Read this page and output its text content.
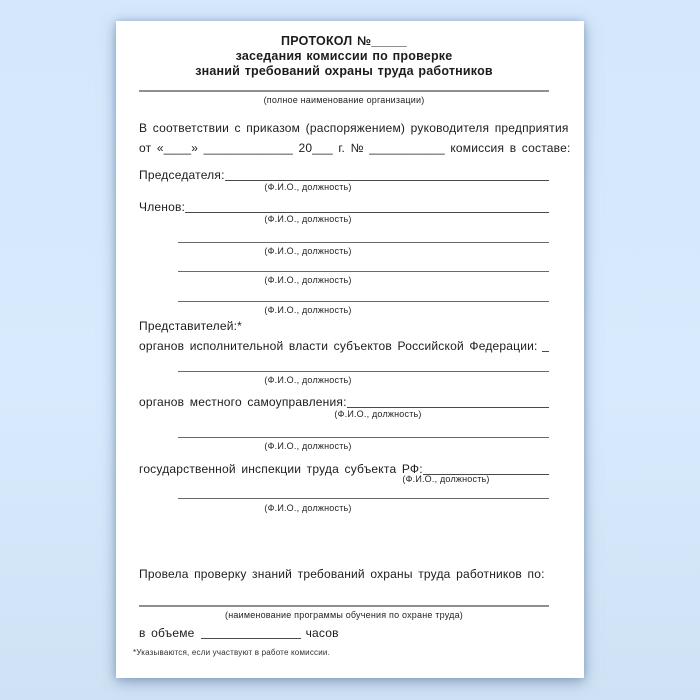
ПРОТОКОЛ №_____
заседания комиссии по проверке
знаний требований охраны труда работников
(полное наименование организации)
В соответствии с приказом (распоряжением) руководителя предприятия
от «____» _____________ 20___ г. № ___________ комиссия в составе:
Председателя:
(Ф.И.О., должность)
Членов:
(Ф.И.О., должность)
(Ф.И.О., должность)
(Ф.И.О., должность)
(Ф.И.О., должность)
Представителей:*
органов исполнительной власти субъектов Российской Федерации:
(Ф.И.О., должность)
органов местного самоуправления:
(Ф.И.О., должность)
(Ф.И.О., должность)
государственной инспекции труда субъекта РФ:
(Ф.И.О., должность)
(Ф.И.О., должность)
Провела проверку знаний требований охраны труда работников по:
(наименование программы обучения по охране труда)
в объеме	часов
*Указываются, если участвуют в работе комиссии.
